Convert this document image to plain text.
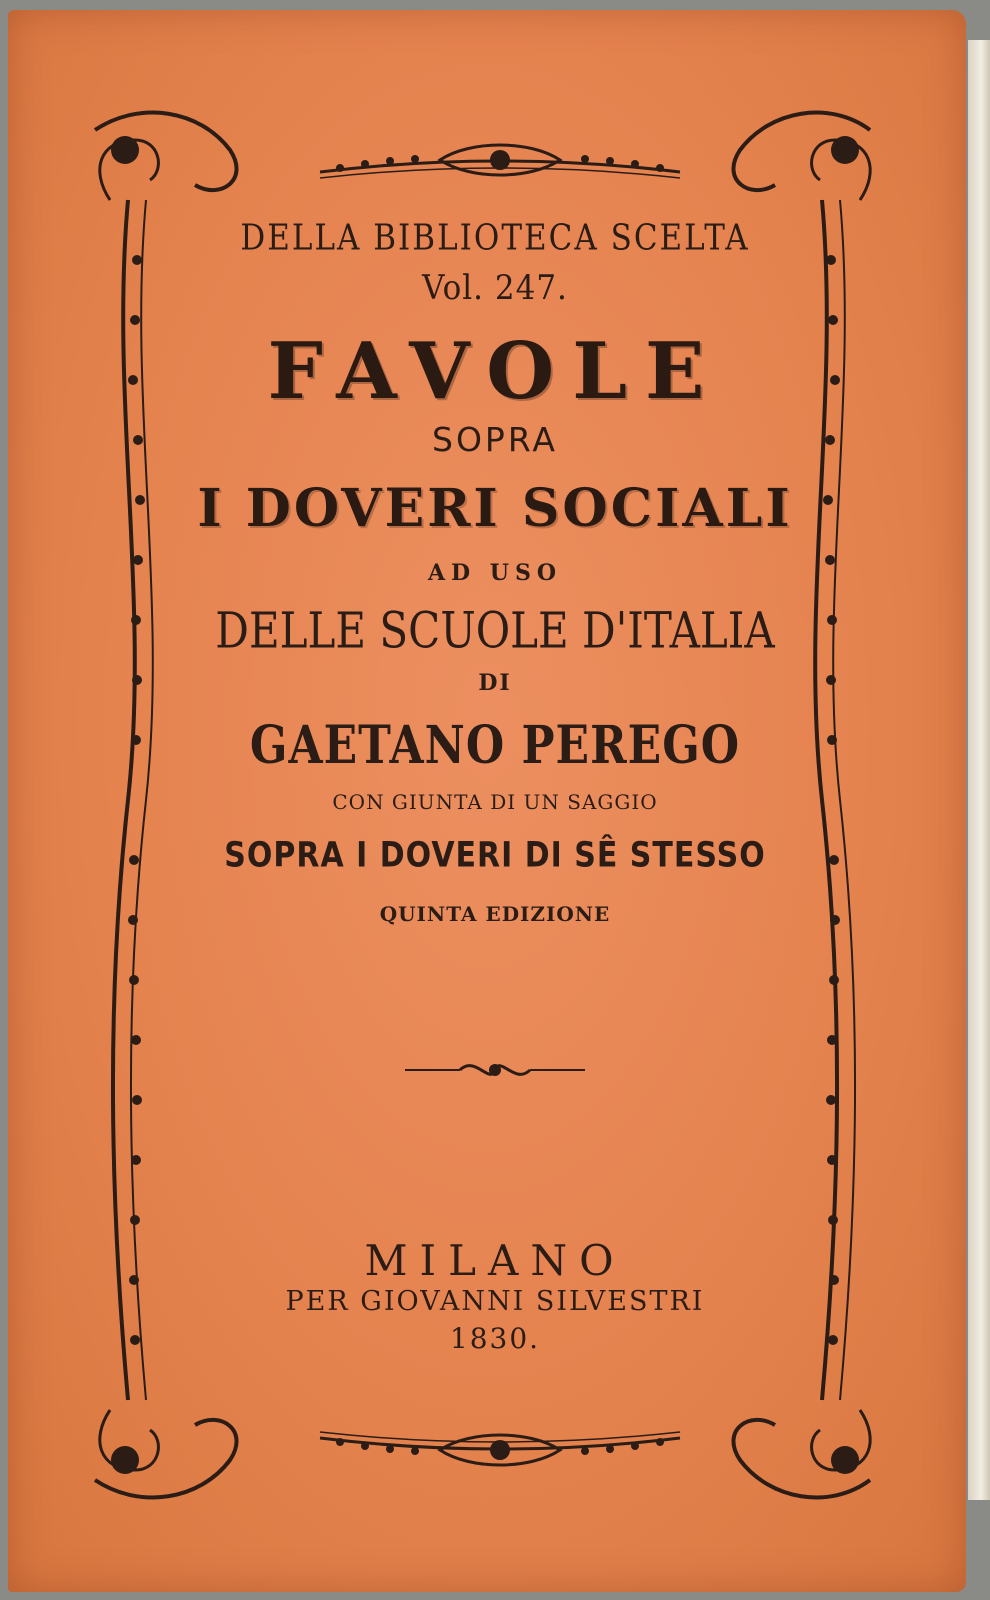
DELLA BIBLIOTECA SCELTA
Vol. 247.
FAVOLE
SOPRA
I DOVERI SOCIALI
AD USO
DELLE SCUOLE D'ITALIA
DI
GAETANO PEREGO
CON GIUNTA DI UN SAGGIO
SOPRA I DOVERI DI SÊ STESSO
QUINTA EDIZIONE
MILANO
PER GIOVANNI SILVESTRI
1830.
